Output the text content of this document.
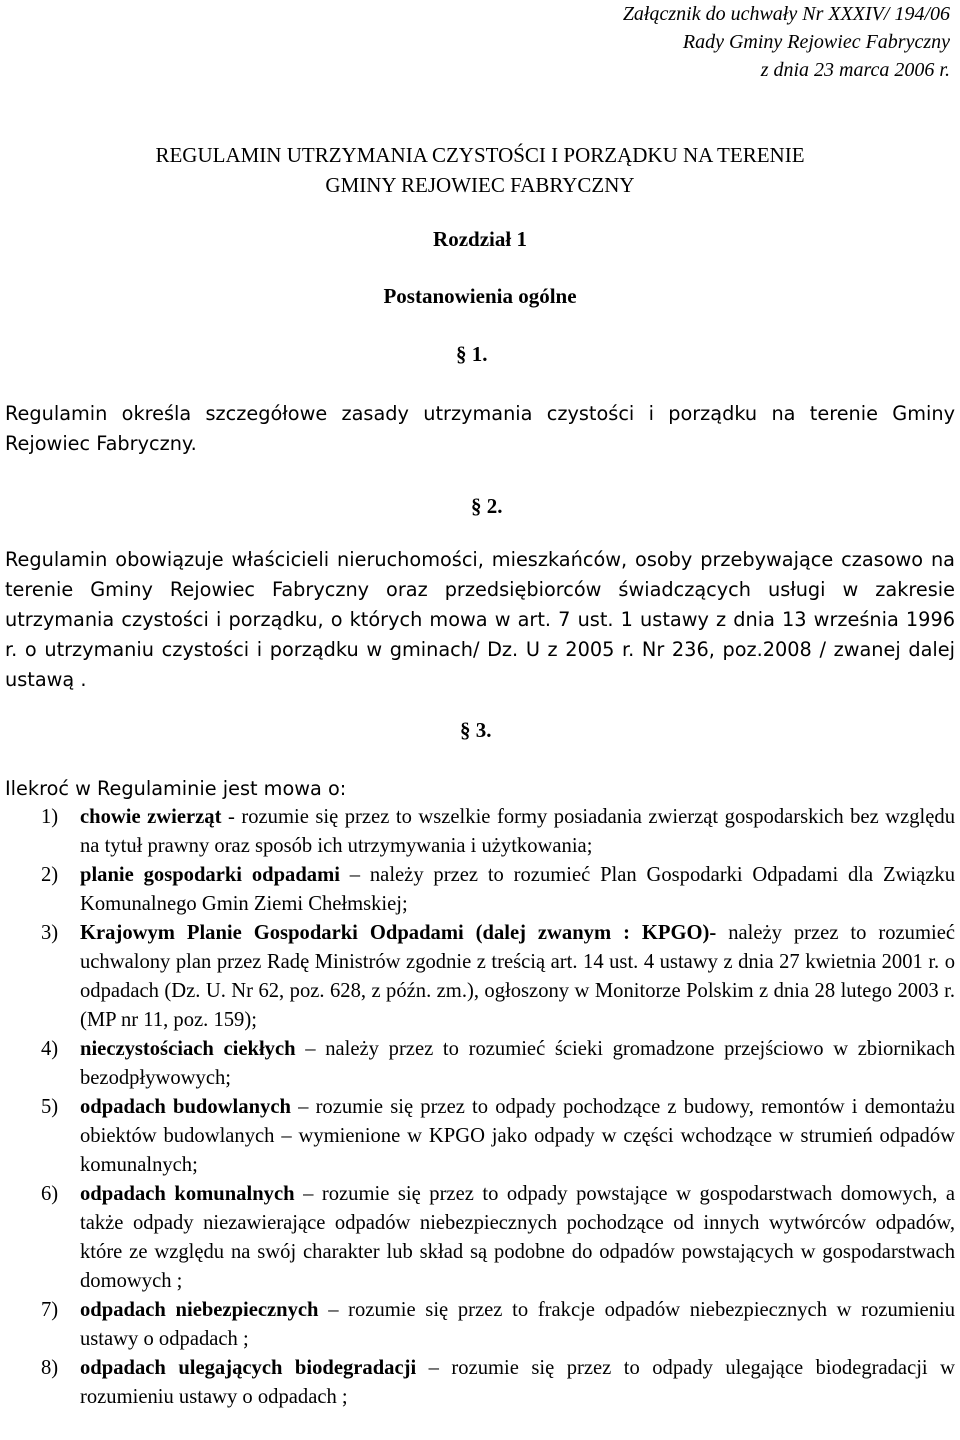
Załącznik do uchwały Nr XXXIV/ 194/06
Rady Gminy Rejowiec Fabryczny
z dnia 23 marca 2006 r.
REGULAMIN UTRZYMANIA CZYSTOŚCI I PORZĄDKU NA TERENIE
GMINY REJOWIEC FABRYCZNY
Rozdział 1
Postanowienia ogólne
§ 1.
Regulamin określa szczegółowe zasady utrzymania czystości i porządku na terenie Gminy Rejowiec Fabryczny.
§ 2.
Regulamin obowiązuje właścicieli nieruchomości, mieszkańców, osoby przebywające czasowo na terenie Gminy Rejowiec Fabryczny oraz przedsiębiorców świadczących usługi w zakresie utrzymania czystości i porządku, o których mowa w art. 7 ust. 1 ustawy z dnia 13 września 1996 r. o utrzymaniu czystości i porządku w gminach/ Dz. U z 2005 r. Nr 236, poz.2008 / zwanej dalej ustawą .
§ 3.
Ilekroć w Regulaminie jest mowa o:
1) chowie zwierząt - rozumie się przez to wszelkie formy posiadania zwierząt gospodarskich bez względu na tytuł prawny oraz sposób ich utrzymywania i użytkowania;
2) planie gospodarki odpadami – należy przez to rozumieć Plan Gospodarki Odpadami dla Związku Komunalnego Gmin Ziemi Chełmskiej;
3) Krajowym Planie Gospodarki Odpadami (dalej zwanym : KPGO)- należy przez to rozumieć uchwalony plan przez Radę Ministrów zgodnie z treścią art. 14 ust. 4 ustawy z dnia 27 kwietnia 2001 r. o odpadach (Dz. U. Nr 62, poz. 628, z późn. zm.), ogłoszony w Monitorze Polskim z dnia 28 lutego 2003 r. (MP nr 11, poz. 159);
4) nieczystościach ciekłych – należy przez to rozumieć ścieki gromadzone przejściowo w zbiornikach bezodpływowych;
5) odpadach budowlanych – rozumie się przez to odpady pochodzące z budowy, remontów i demontażu obiektów budowlanych – wymienione w KPGO jako odpady w części wchodzące w strumień odpadów komunalnych;
6) odpadach komunalnych – rozumie się przez to odpady powstające w gospodarstwach domowych, a także odpady niezawierające odpadów niebezpiecznych pochodzące od innych wytwórców odpadów, które ze względu na swój charakter lub skład są podobne do odpadów powstających w gospodarstwach domowych ;
7) odpadach niebezpiecznych – rozumie się przez to frakcje odpadów niebezpiecznych w rozumieniu ustawy o odpadach ;
8) odpadach ulegających biodegradacji – rozumie się przez to odpady ulegające biodegradacji w rozumieniu ustawy o odpadach ;
